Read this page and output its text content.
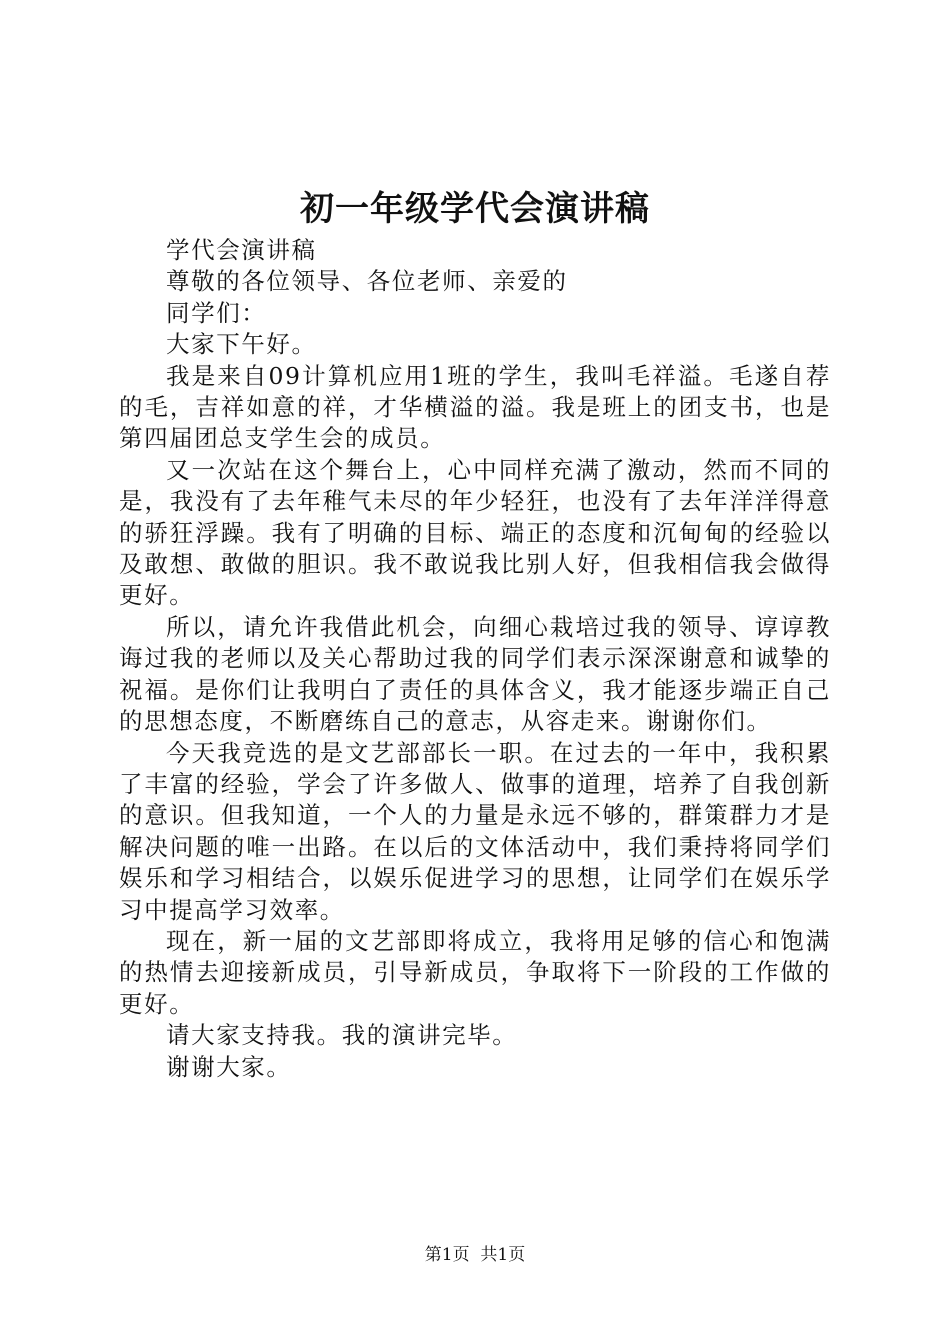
初一年级学代会演讲稿

学代会演讲稿

尊敬的各位领导、各位老师、亲爱的

同学们：

大家下午好。

我是来自09计算机应用1班的学生，我叫毛祥溢。毛遂自荐的毛，吉祥如意的祥，才华横溢的溢。我是班上的团支书，也是第四届团总支学生会的成员。

又一次站在这个舞台上，心中同样充满了激动，然而不同的是，我没有了去年稚气未尽的年少轻狂，也没有了去年洋洋得意的骄狂浮躁。我有了明确的目标、端正的态度和沉甸甸的经验以及敢想、敢做的胆识。我不敢说我比别人好，但我相信我会做得更好。

所以，请允许我借此机会，向细心栽培过我的领导、谆谆教诲过我的老师以及关心帮助过我的同学们表示深深谢意和诚挚的祝福。是你们让我明白了责任的具体含义，我才能逐步端正自己的思想态度，不断磨练自己的意志，从容走来。谢谢你们。

今天我竞选的是文艺部部长一职。在过去的一年中，我积累了丰富的经验，学会了许多做人、做事的道理，培养了自我创新的意识。但我知道，一个人的力量是永远不够的，群策群力才是解决问题的唯一出路。在以后的文体活动中，我们秉持将同学们娱乐和学习相结合，以娱乐促进学习的思想，让同学们在娱乐学习中提高学习效率。

现在，新一届的文艺部即将成立，我将用足够的信心和饱满的热情去迎接新成员，引导新成员，争取将下一阶段的工作做的更好。

请大家支持我。我的演讲完毕。

谢谢大家。

第1页 共1页
